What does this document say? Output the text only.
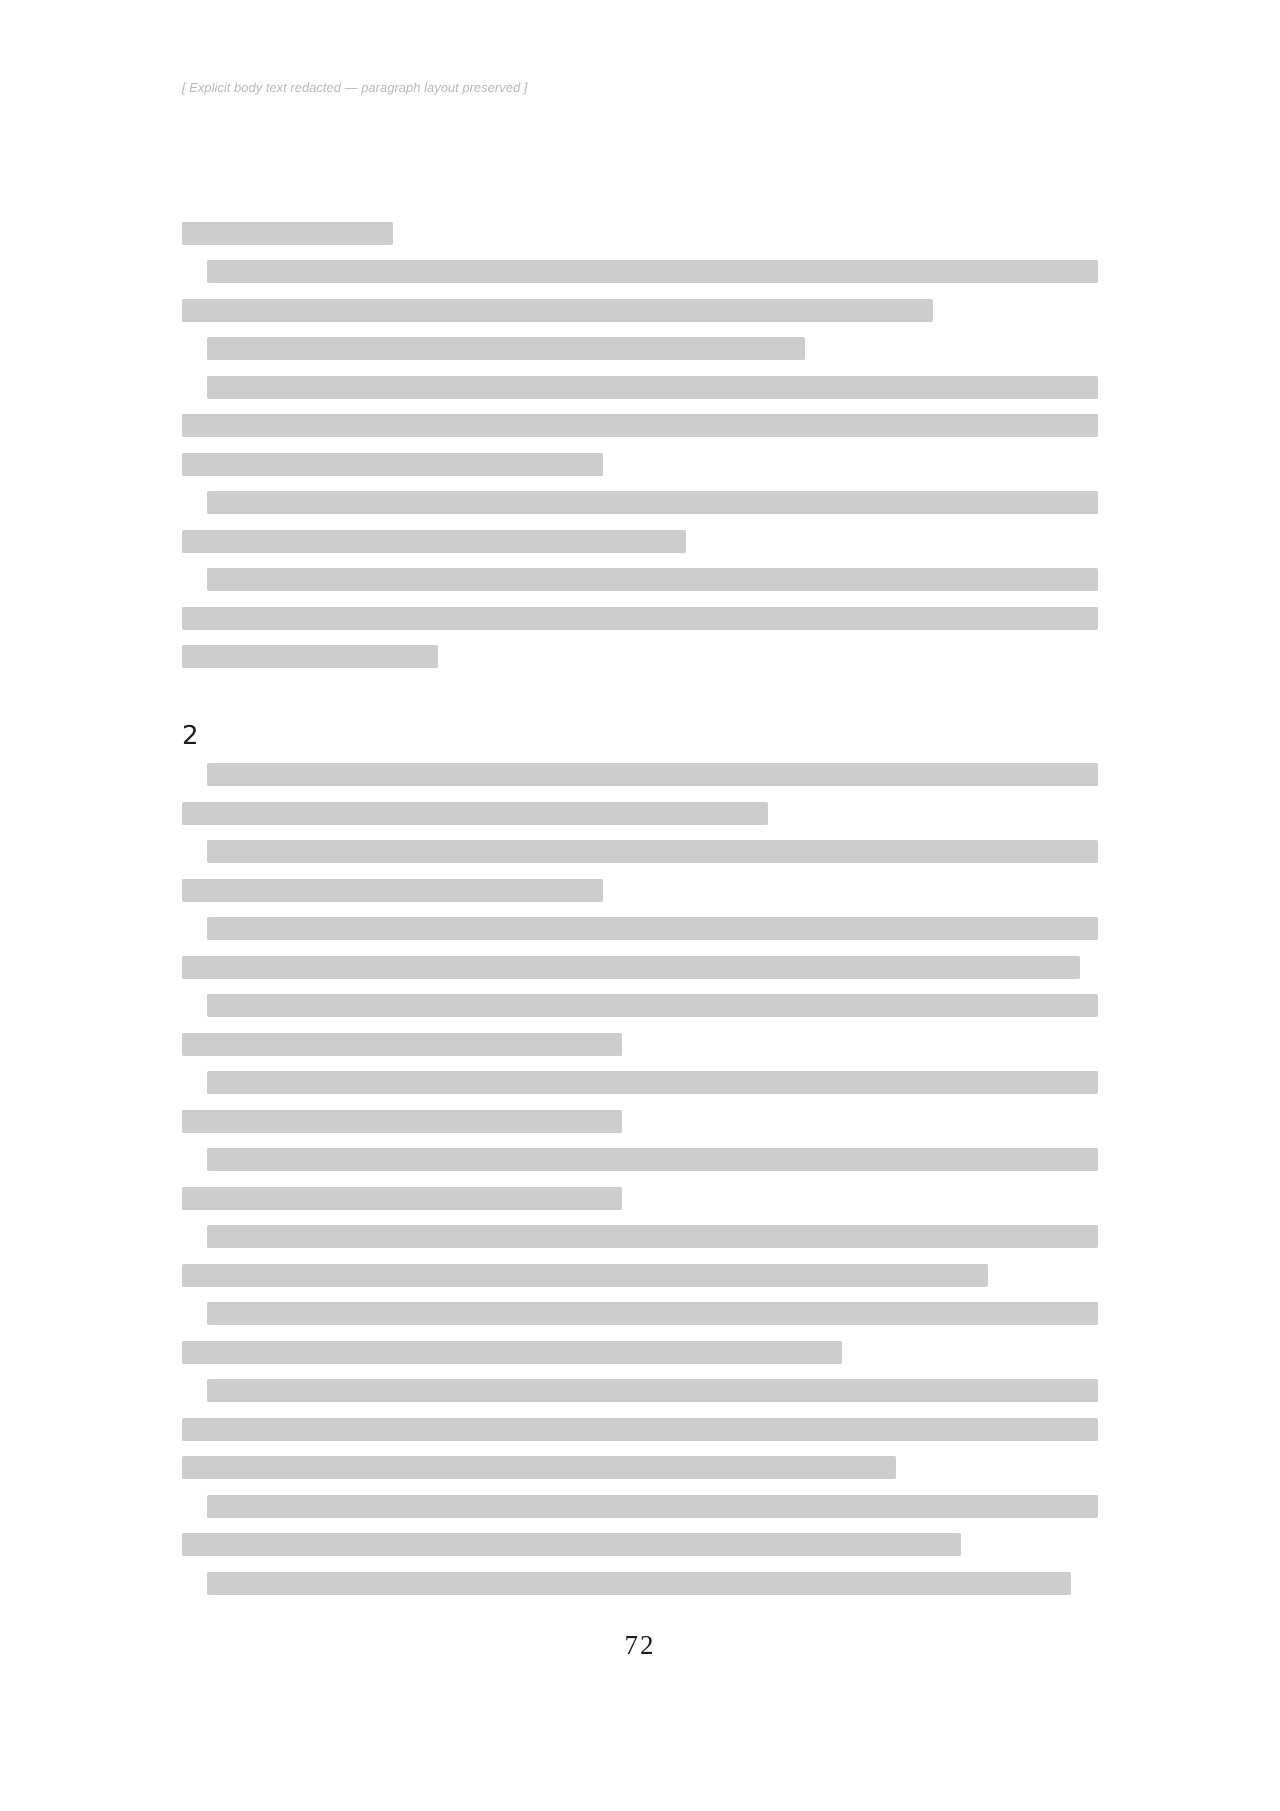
[ Explicit body text redacted — paragraph layout preserved ]
2
72
